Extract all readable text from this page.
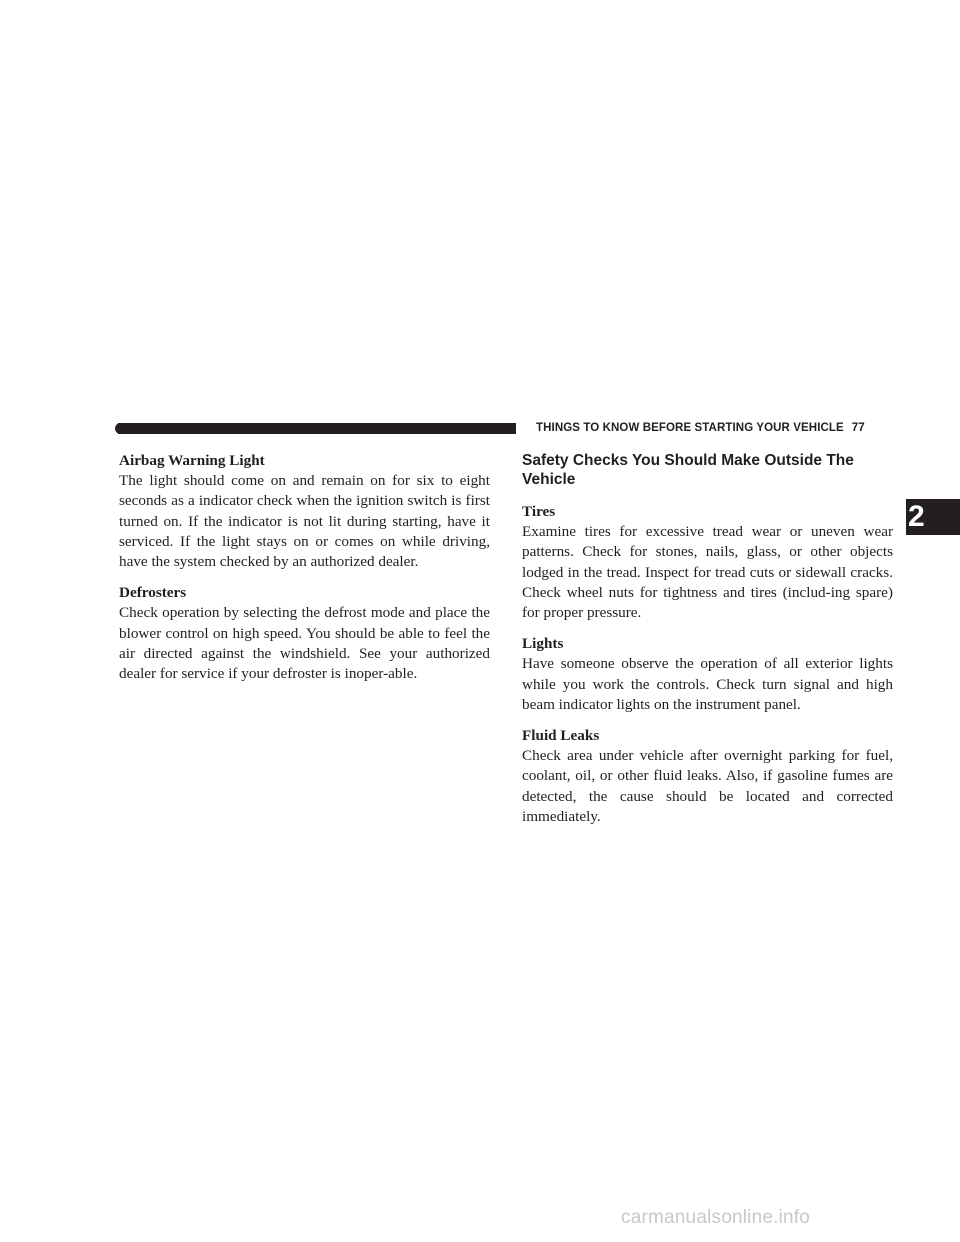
THINGS TO KNOW BEFORE STARTING YOUR VEHICLE 77

Airbag Warning Light

The light should come on and remain on for six to eight seconds as a indicator check when the ignition switch is first turned on. If the indicator is not lit during starting, have it serviced. If the light stays on or comes on while driving, have the system checked by an authorized dealer.

Defrosters

Check operation by selecting the defrost mode and place the blower control on high speed. You should be able to feel the air directed against the windshield. See your authorized dealer for service if your defroster is inoper-able.

Safety Checks You Should Make Outside The Vehicle

Tires

Examine tires for excessive tread wear or uneven wear patterns. Check for stones, nails, glass, or other objects lodged in the tread. Inspect for tread cuts or sidewall cracks. Check wheel nuts for tightness and tires (includ-ing spare) for proper pressure.

Lights

Have someone observe the operation of all exterior lights while you work the controls. Check turn signal and high beam indicator lights on the instrument panel.

Fluid Leaks

Check area under vehicle after overnight parking for fuel, coolant, oil, or other fluid leaks. Also, if gasoline fumes are detected, the cause should be located and corrected immediately.

2
carmanualsonline.info
